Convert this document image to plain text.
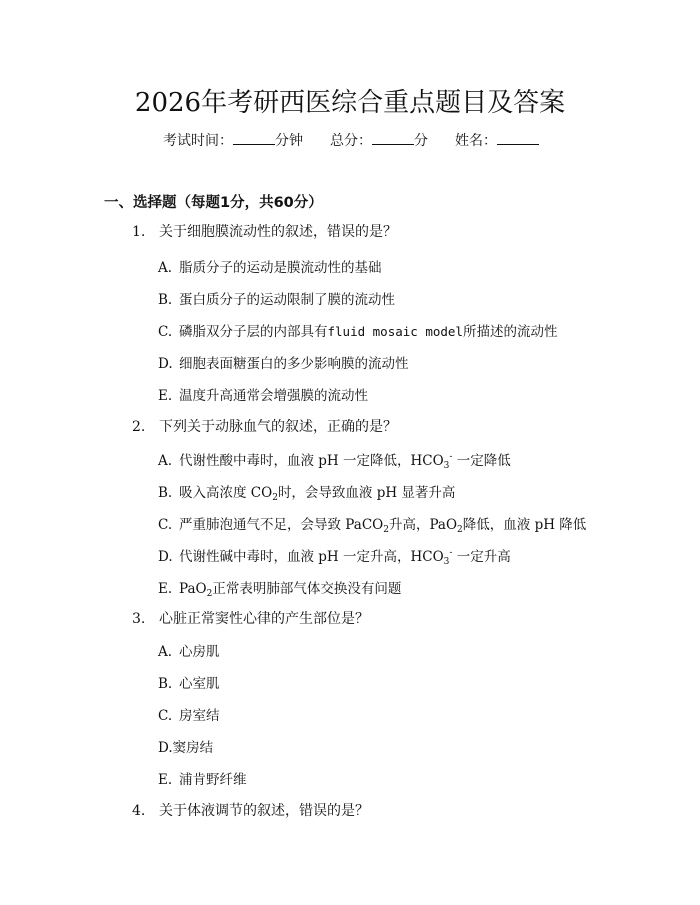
2026年考研西医综合重点题目及答案
考试时间：	分钟 总分：	分 姓名：
一、选择题（每题1分，共60分）
1. 关于细胞膜流动性的叙述，错误的是？
A. 脂质分子的运动是膜流动性的基础
B. 蛋白质分子的运动限制了膜的流动性
C. 磷脂双分子层的内部具有fluid mosaic model所描述的流动性
D. 细胞表面糖蛋白的多少影响膜的流动性
E. 温度升高通常会增强膜的流动性
2. 下列关于动脉血气的叙述，正确的是？
A. 代谢性酸中毒时，血液 pH 一定降低，$HCO_3^-$ 一定降低
B. 吸入高浓度 $CO_2$时，会导致血液 pH 显著升高
C. 严重肺泡通气不足，会导致 PaCO$_2$升高，PaO$_2$降低，血液 pH 降低
D. 代谢性碱中毒时，血液 pH 一定升高，$HCO_3^-$ 一定升高
E. PaO$_2$正常表明肺部气体交换没有问题
3. 心脏正常窦性心律的产生部位是？
A. 心房肌
B. 心室肌
C. 房室结
D.窦房结
E. 浦肯野纤维
4. 关于体液调节的叙述，错误的是？
